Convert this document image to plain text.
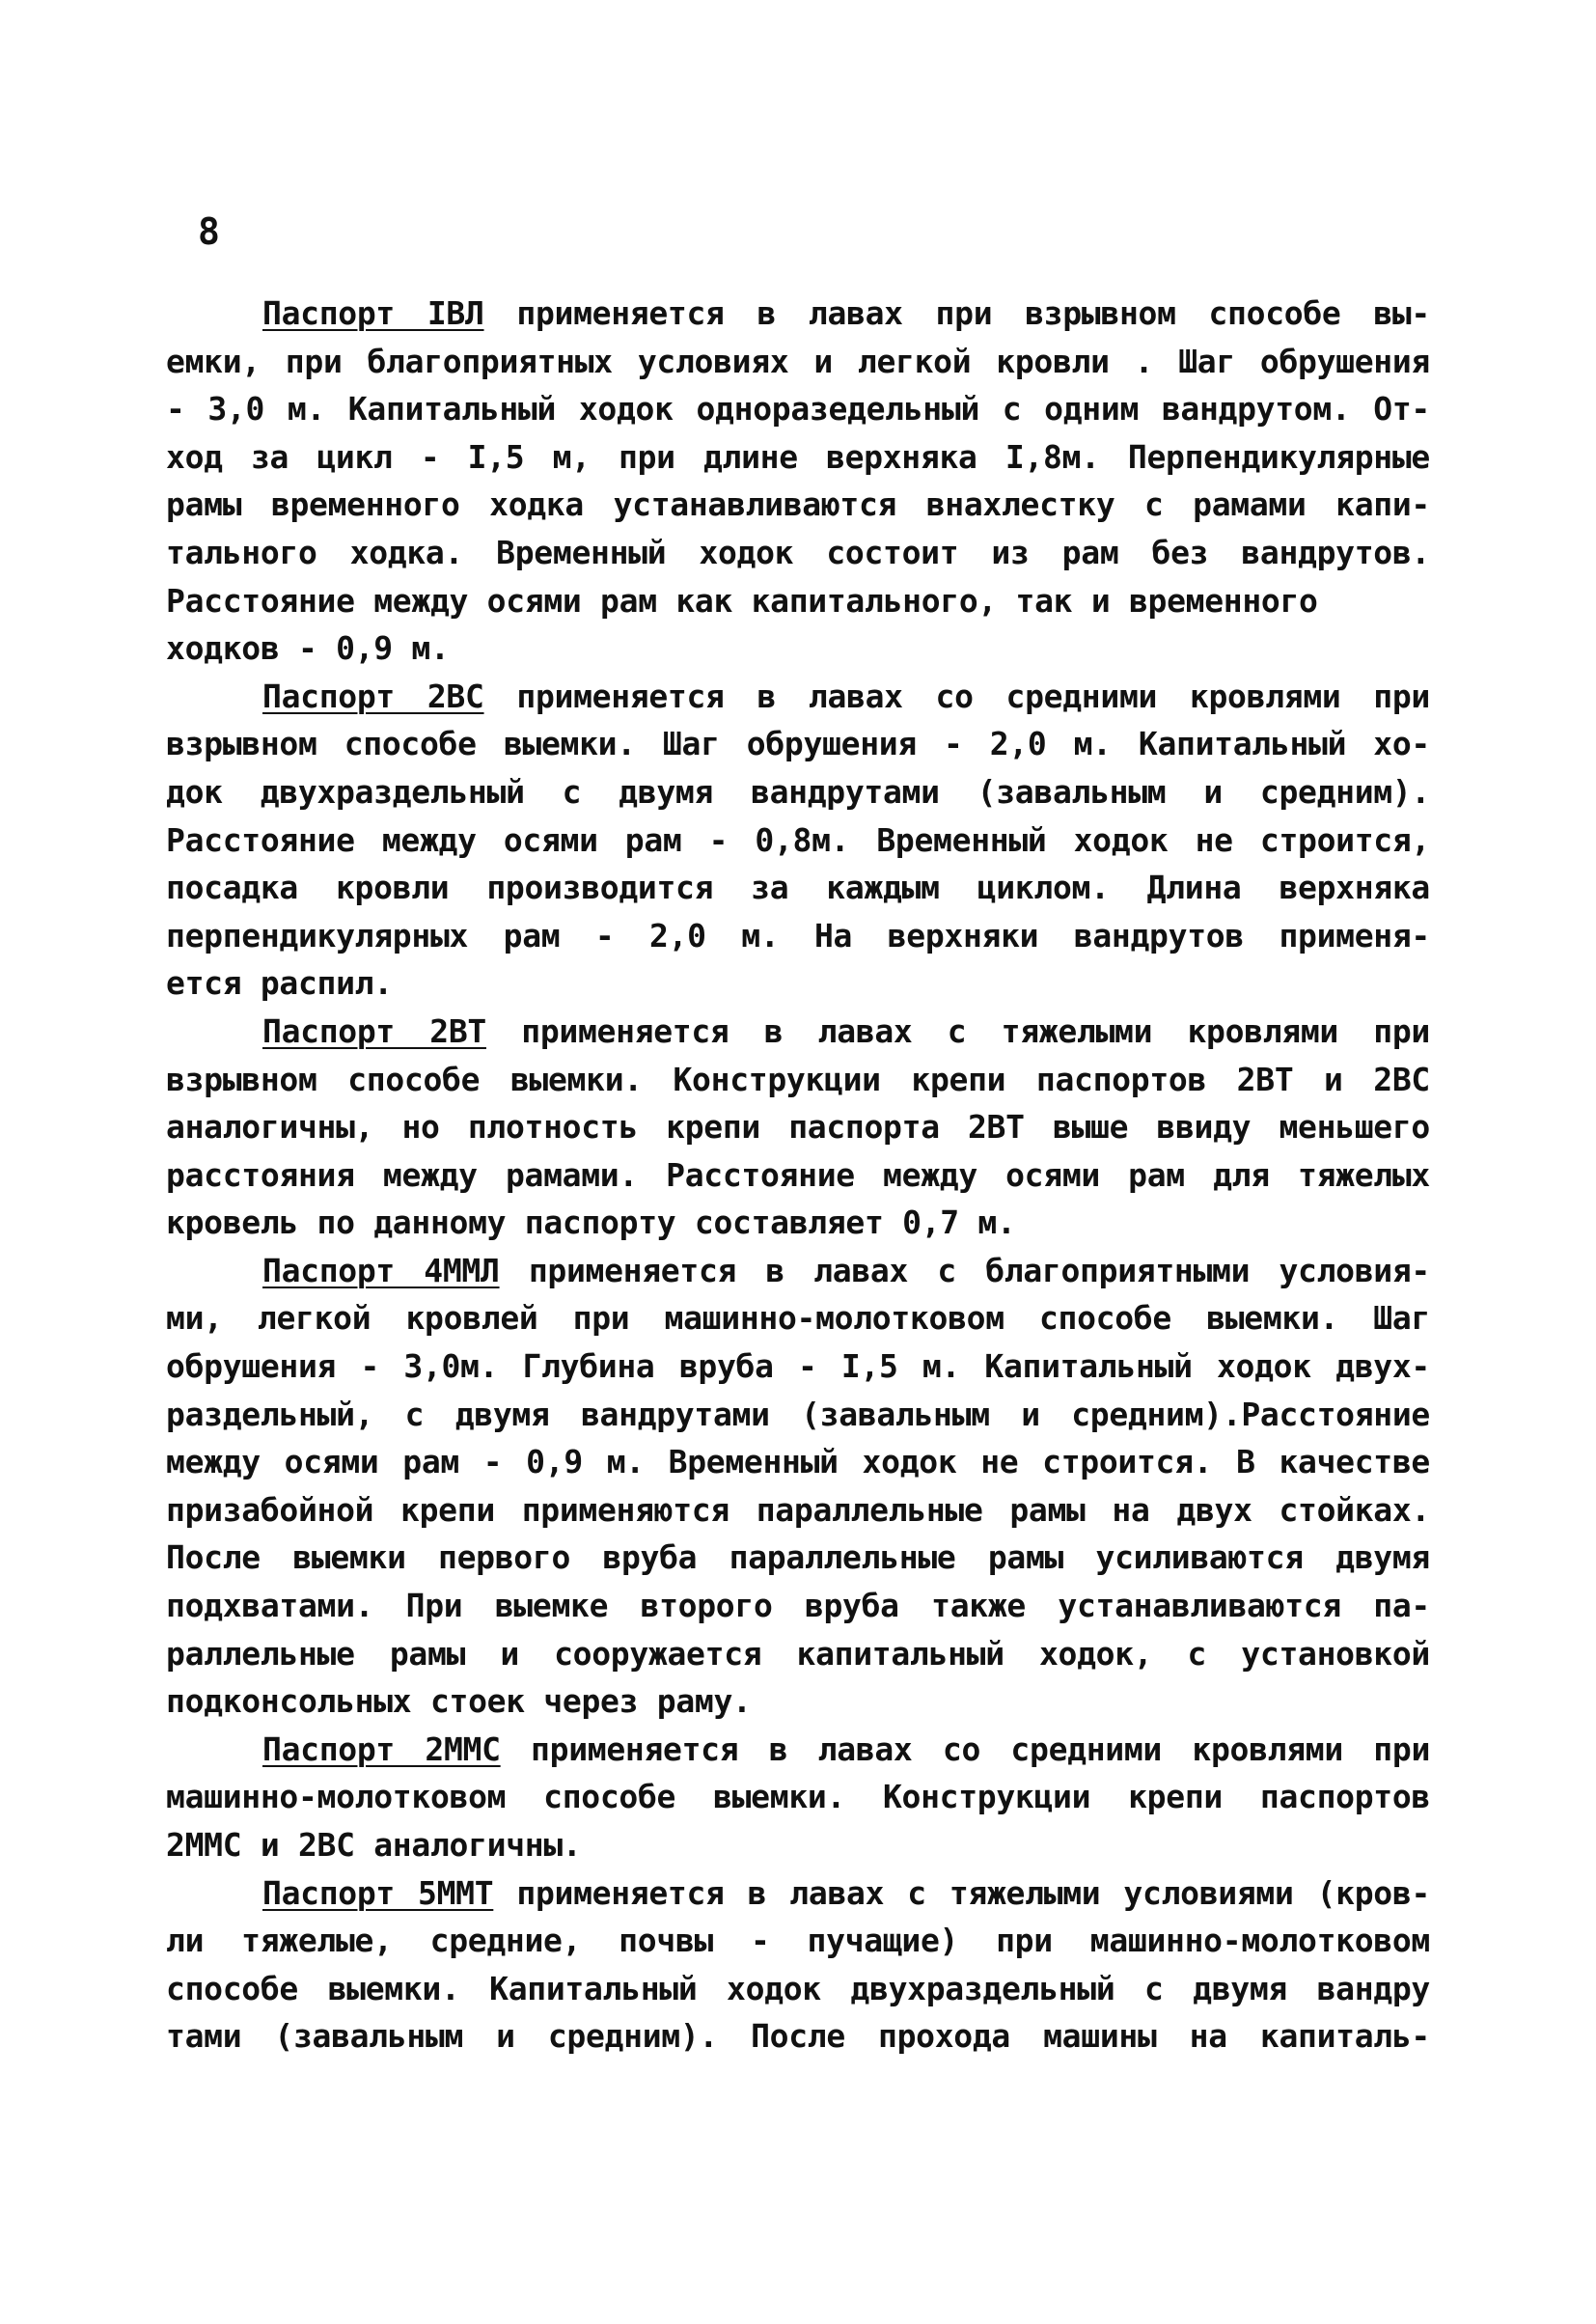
8
Паспорт IВЛ применяется в лавах при взрывном способе вы-
емки, при благоприятных условиях и легкой кровли . Шаг обрушения
- 3,0 м. Капитальный ходок одноразедельный с одним вандрутом. От-
ход за цикл - I,5 м, при длине верхняка I,8м. Перпендикулярные
рамы временного ходка устанавливаются внахлестку с рамами капи-
тального ходка. Временный ходок состоит из рам без вандрутов.
Расстояние между осями рам как капитального, так и временного
ходков - 0,9 м.
Паспорт 2ВС применяется в лавах со средними кровлями при
взрывном способе выемки. Шаг обрушения - 2,0 м. Капитальный хо-
док двухраздельный с двумя вандрутами (завальным и средним).
Расстояние между осями рам - 0,8м. Временный ходок не строится,
посадка кровли производится за каждым циклом. Длина верхняка
перпендикулярных рам - 2,0 м. На верхняки вандрутов применя-
ется распил.
Паспорт 2ВТ применяется в лавах с тяжелыми кровлями при
взрывном способе выемки. Конструкции крепи паспортов 2ВТ и 2ВС
аналогичны, но плотность крепи паспорта 2ВТ выше ввиду меньшего
расстояния между рамами. Расстояние между осями рам для тяжелых
кровель по данному паспорту составляет 0,7 м.
Паспорт 4ММЛ применяется в лавах с благоприятными условия-
ми, легкой кровлей при машинно-молотковом способе выемки. Шаг
обрушения - 3,0м. Глубина вруба - I,5 м. Капитальный ходок двух-
раздельный, с двумя вандрутами (завальным и средним).Расстояние
между осями рам - 0,9 м. Временный ходок не строится. В качестве
призабойной крепи применяются параллельные рамы на двух стойках.
После выемки первого вруба параллельные рамы усиливаются двумя
подхватами. При выемке второго вруба также устанавливаются па-
раллельные рамы и сооружается капитальный ходок, с установкой
подконсольных стоек через раму.
Паспорт 2ММС применяется в лавах со средними кровлями при
машинно-молотковом способе выемки. Конструкции крепи паспортов
2ММС и 2ВС аналогичны.
Паспорт 5ММТ применяется в лавах с тяжелыми условиями (кров-
ли тяжелые, средние, почвы - пучащие) при машинно-молотковом
способе выемки. Капитальный ходок двухраздельный с двумя вандру
тами (завальным и средним). После прохода машины на капиталь-
